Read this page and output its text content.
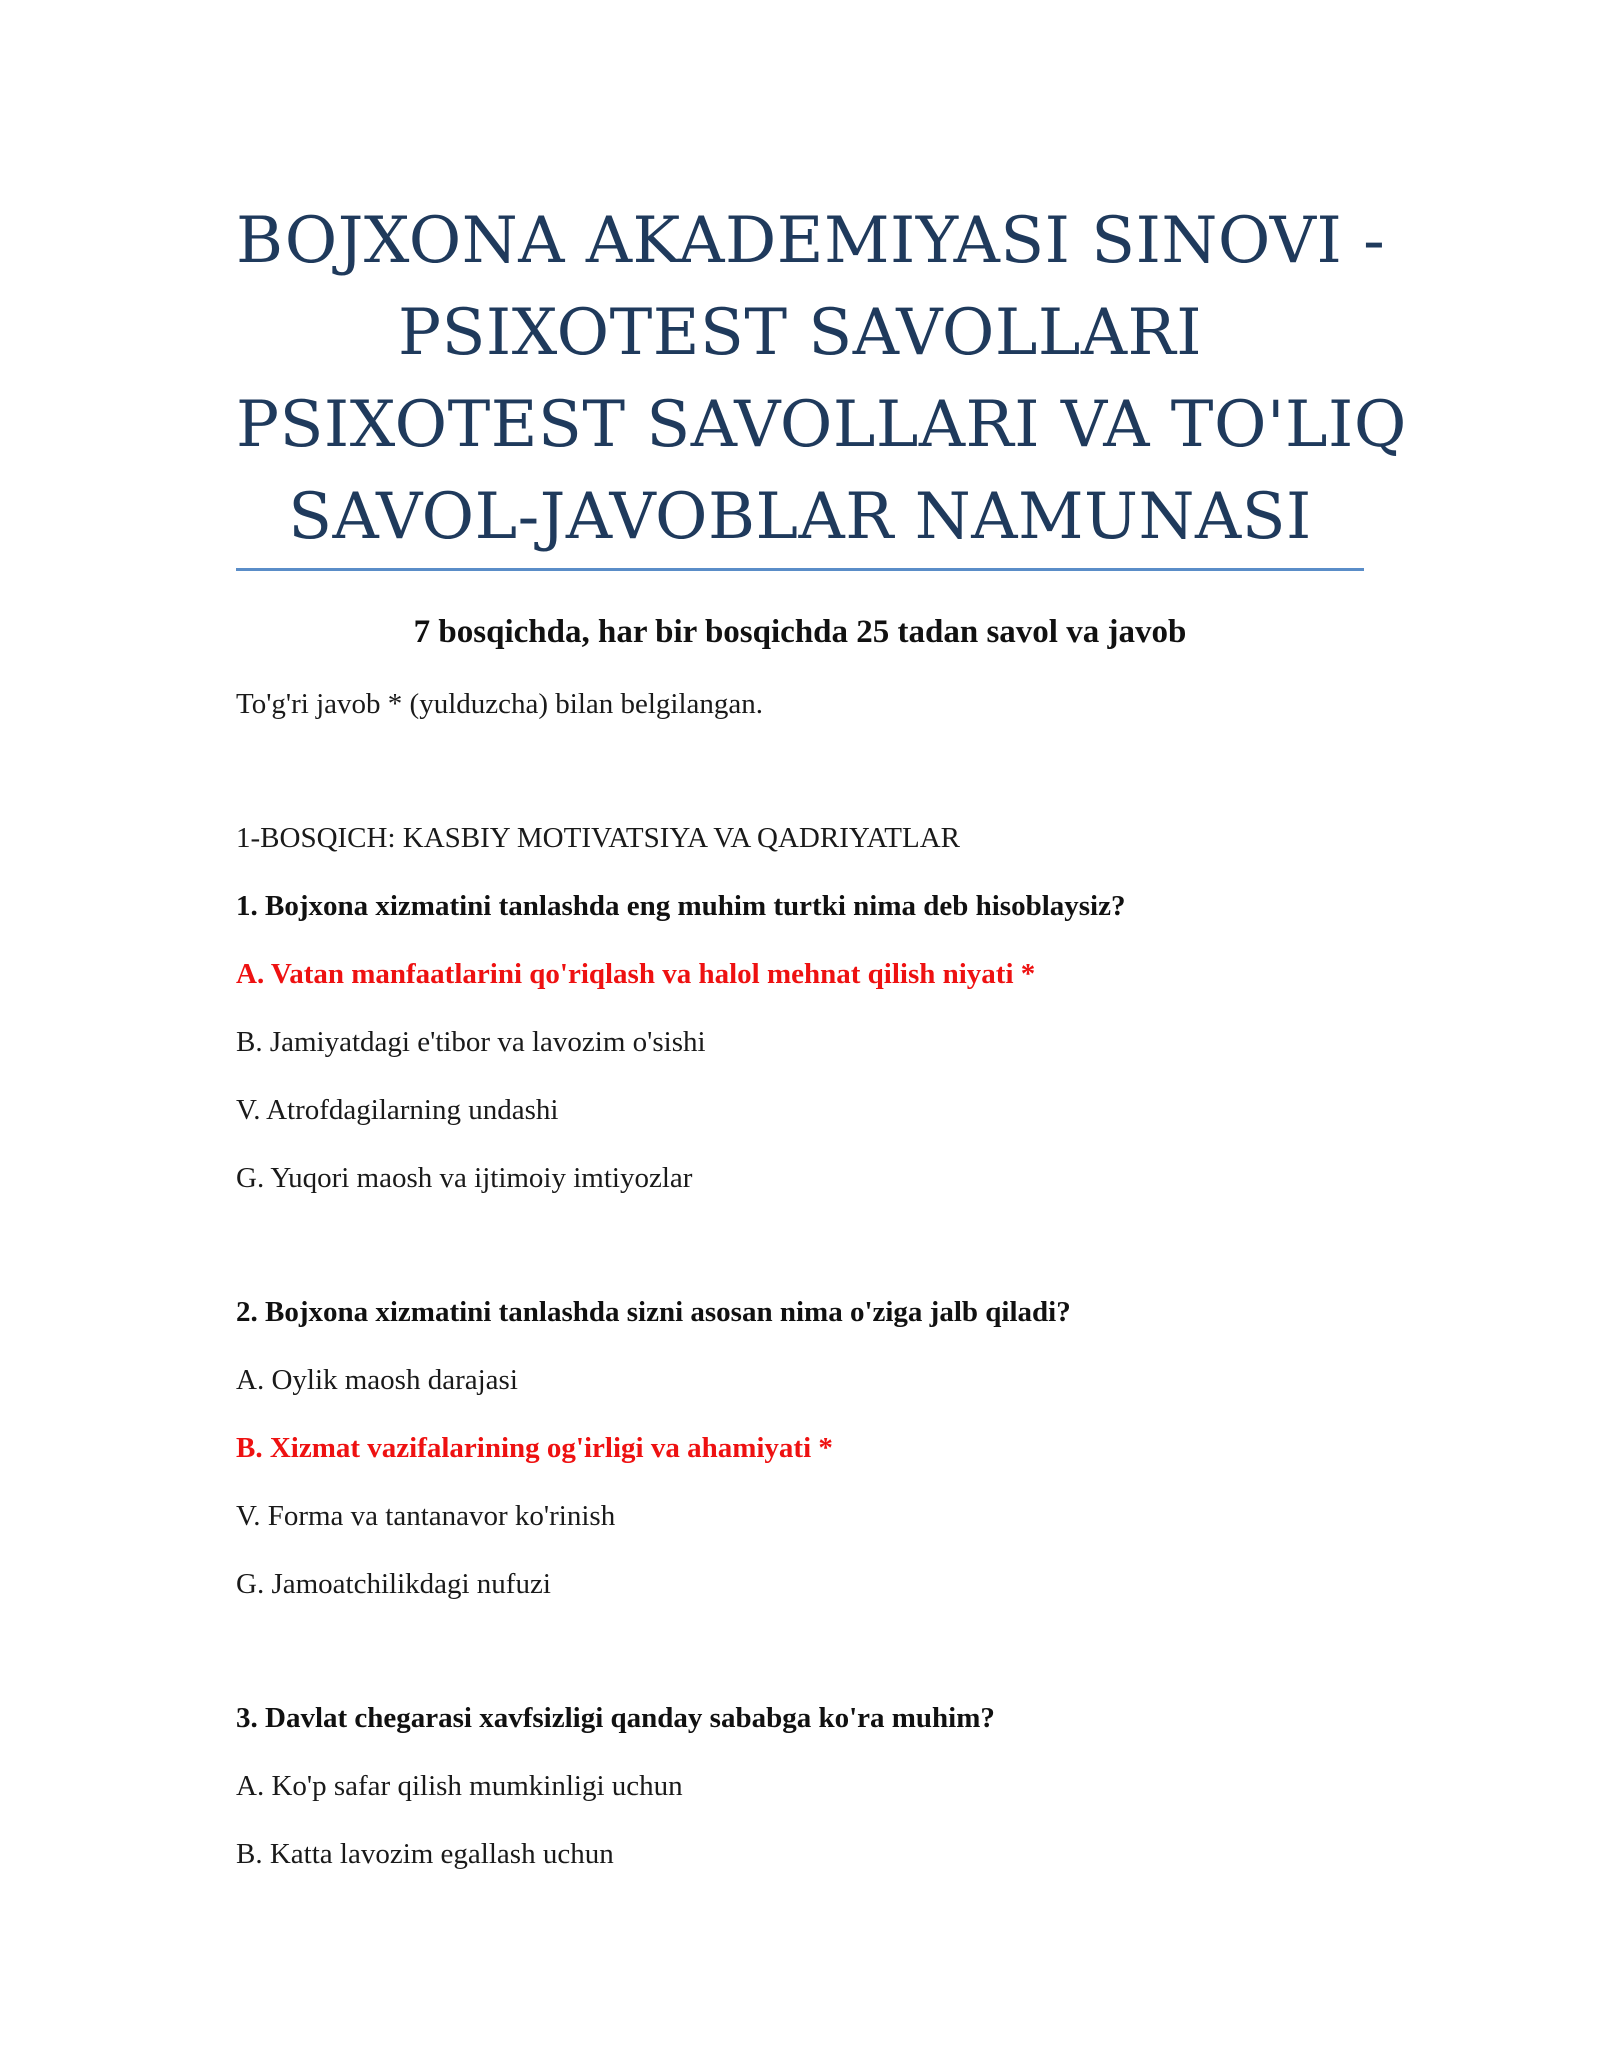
BOJXONA AKADEMIYASI SINOVI -
PSIXOTEST SAVOLLARI
PSIXOTEST SAVOLLARI VA TO'LIQ
SAVOL-JAVOBLAR NAMUNASI
7 bosqichda, har bir bosqichda 25 tadan savol va javob
To'g'ri javob * (yulduzcha) bilan belgilangan.
1-BOSQICH: KASBIY MOTIVATSIYA VA QADRIYATLAR
1. Bojxona xizmatini tanlashda eng muhim turtki nima deb hisoblaysiz?
A. Vatan manfaatlarini qo'riqlash va halol mehnat qilish niyati *
B. Jamiyatdagi e'tibor va lavozim o'sishi
V. Atrofdagilarning undashi
G. Yuqori maosh va ijtimoiy imtiyozlar
2. Bojxona xizmatini tanlashda sizni asosan nima o'ziga jalb qiladi?
A. Oylik maosh darajasi
B. Xizmat vazifalarining og'irligi va ahamiyati *
V. Forma va tantanavor ko'rinish
G. Jamoatchilikdagi nufuzi
3. Davlat chegarasi xavfsizligi qanday sababga ko'ra muhim?
A. Ko'p safar qilish mumkinligi uchun
B. Katta lavozim egallash uchun
